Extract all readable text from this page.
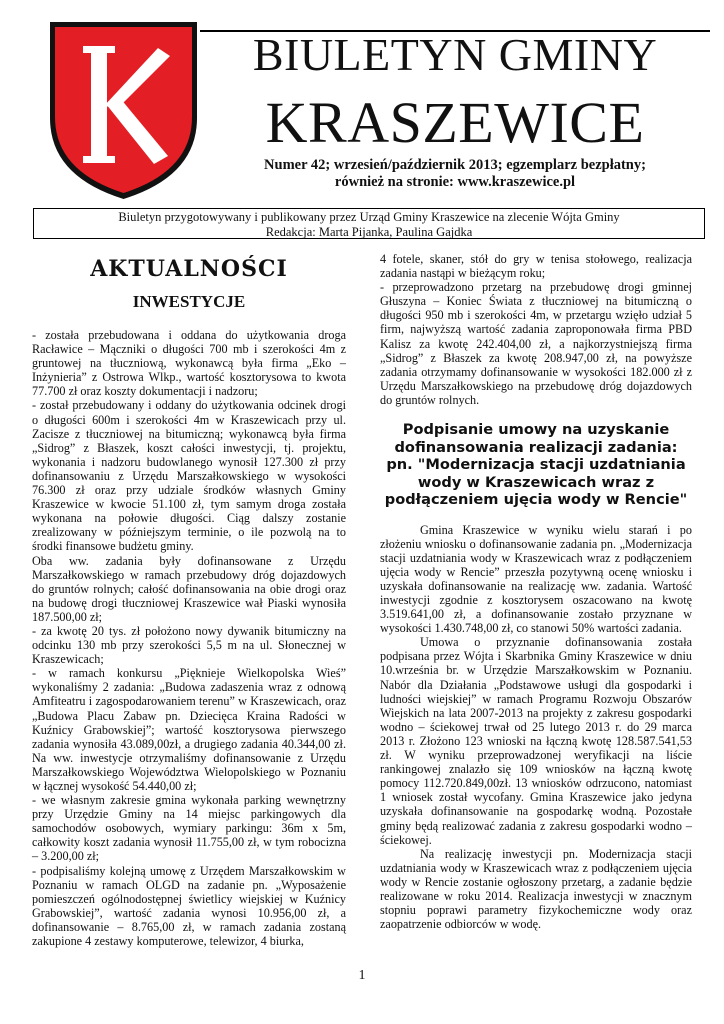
K
BIULETYN GMINY
KRASZEWICE
Numer 42; wrzesień/październik 2013; egzemplarz bezpłatny;
również na stronie: www.kraszewice.pl
Biuletyn przygotowywany i publikowany przez Urząd Gminy Kraszewice na zlecenie Wójta Gminy
Redakcja: Marta Pijanka, Paulina Gajdka
AKTUALNOŚCI
INWESTYCJE

- została przebudowana i oddana do użytkowania droga Racławice – Mącznikі o długości 700 mb i szerokości 4m z gruntowej na tłuczniową, wykonawcą była firma „Eko – Inżynieria” z Ostrowa Wlkp., wartość kosztorysowa to kwota 77.700 zł oraz koszty dokumentacji i nadzoru;

- został przebudowany i oddany do użytkowania odcinek drogi o długości 600m i szerokości 4m w Kraszewicach przy ul. Zacisze z tłuczniowej na bitumiczną; wykonawcą była firma „Sidrog” z Błaszek, koszt całości inwestycji, tj. projektu, wykonania i nadzoru budowlanego wynosił 127.300 zł przy dofinansowaniu z Urzędu Marszałkowskiego w wysokości 76.300 zł oraz przy udziale środków własnych Gminy Kraszewice w kwocie 51.100 zł, tym samym droga została wykonana na połowie długości. Ciąg dalszy zostanie zrealizowany w późniejszym terminie, o ile pozwolą na to środki finansowe budżetu gminy.

Oba ww. zadania były dofinansowane z Urzędu Marszałkowskiego w ramach przebudowy dróg dojazdowych do gruntów rolnych; całość dofinansowania na obie drogi oraz na budowę drogi tłuczniowej Kraszewice wał Piaski wynosiła 187.500,00 zł;

- za kwotę 20 tys. zł położono nowy dywanik bitumiczny na odcinku 130 mb przy szerokości 5,5 m na ul. Słonecznej w Kraszewicach;

- w ramach konkursu „Pięknieje Wielkopolska Wieś” wykonaliśmy 2 zadania: „Budowa zadaszenia wraz z odnową Amfiteatru i zagospodarowaniem terenu” w Kraszewicach, oraz „Budowa Placu Zabaw pn. Dziecięca Kraina Radości w Kuźnicy Grabowskiej”; wartość kosztorysowa pierwszego zadania wynosiła 43.089,00zł, a drugiego zadania 40.344,00 zł. Na ww. inwestycje otrzymaliśmy dofinansowanie z Urzędu Marszałkowskiego Województwa Wielopolskiego w Poznaniu w łącznej wysokość 54.440,00 zł;

- we własnym zakresie gmina wykonała parking wewnętrzny przy Urzędzie Gminy na 14 miejsc parkingowych dla samochodów osobowych, wymiary parkingu: 36m x 5m, całkowity koszt zadania wynosił 11.755,00 zł, w tym robocizna – 3.200,00 zł;

- podpisaliśmy kolejną umowę z Urzędem Marszałkowskim w Poznaniu w ramach OLGD na zadanie pn. „Wyposażenie pomieszczeń ogólnodostępnej świetlicy wiejskiej w Kuźnicy Grabowskiej”, wartość zadania wynosi 10.956,00 zł, a dofinansowanie – 8.765,00 zł, w ramach zadania zostaną zakupione 4 zestawy komputerowe, telewizor, 4 biurka,

4 fotele, skaner, stół do gry w tenisa stołowego, realizacja zadania nastąpi w bieżącym roku;

- przeprowadzono przetarg na przebudowę drogi gminnej Głuszyna – Koniec Świata z tłuczniowej na bitumiczną o długości 950 mb i szerokości 4m, w przetargu wzięło udział 5 firm, najwyższą wartość zadania zaproponowała firma PBD Kalisz za kwotę 242.404,00 zł, a najkorzystniejszą firma „Sidrog” z Błaszek za kwotę 208.947,00 zł, na powyższe zadania otrzymamy dofinansowanie w wysokości 182.000 zł z Urzędu Marszałkowskiego na przebudowę dróg dojazdowych do gruntów rolnych.

Podpisanie umowy na uzyskanie dofinansowania realizacji zadania: pn. "Modernizacja stacji uzdatniania wody w Kraszewicach wraz z podłączeniem ujęcia wody w Rencie"

Gmina Kraszewice w wyniku wielu starań i po złożeniu wniosku o dofinansowanie zadania pn. „Modernizacja stacji uzdatniania wody w Kraszewicach wraz z podłączeniem ujęcia wody w Rencie” przeszła pozytywną ocenę wniosku i uzyskała dofinansowanie na realizację ww. zadania. Wartość inwestycji zgodnie z kosztorysem oszacowano na kwotę 3.519.641,00 zł, a dofinansowanie zostało przyznane w wysokości 1.430.748,00 zł, co stanowi 50% wartości zadania.

Umowa o przyznanie dofinansowania została podpisana przez Wójta i Skarbnika Gminy Kraszewice w dniu 10.września br. w Urzędzie Marszałkowskim w Poznaniu. Nabór dla Działania „Podstawowe usługi dla gospodarki i ludności wiejskiej” w ramach Programu Rozwoju Obszarów Wiejskich na lata 2007-2013 na projekty z zakresu gospodarki wodno – ściekowej trwał od 25 lutego 2013 r. do 29 marca 2013 r. Złożono 123 wnioski na łączną kwotę 128.587.541,53 zł. W wyniku przeprowadzonej weryfikacji na liście rankingowej znalazło się 109 wniosków na łączną kwotę pomocy 112.720.849,00zł. 13 wniosków odrzucono, natomiast 1 wniosek został wycofany. Gmina Kraszewice jako jedyna uzyskała dofinansowanie na gospodarkę wodną. Pozostałe gminy będą realizować zadania z zakresu gospodarki wodno – ściekowej.

Na realizację inwestycji pn. Modernizacja stacji uzdatniania wody w Kraszewicach wraz z podłączeniem ujęcia wody w Rencie zostanie ogłoszony przetarg, a zadanie będzie realizowane w roku 2014. Realizacja inwestycji w znacznym stopniu poprawi parametry fizykochemiczne wody oraz zaopatrzenie odbiorców w wodę.

1
